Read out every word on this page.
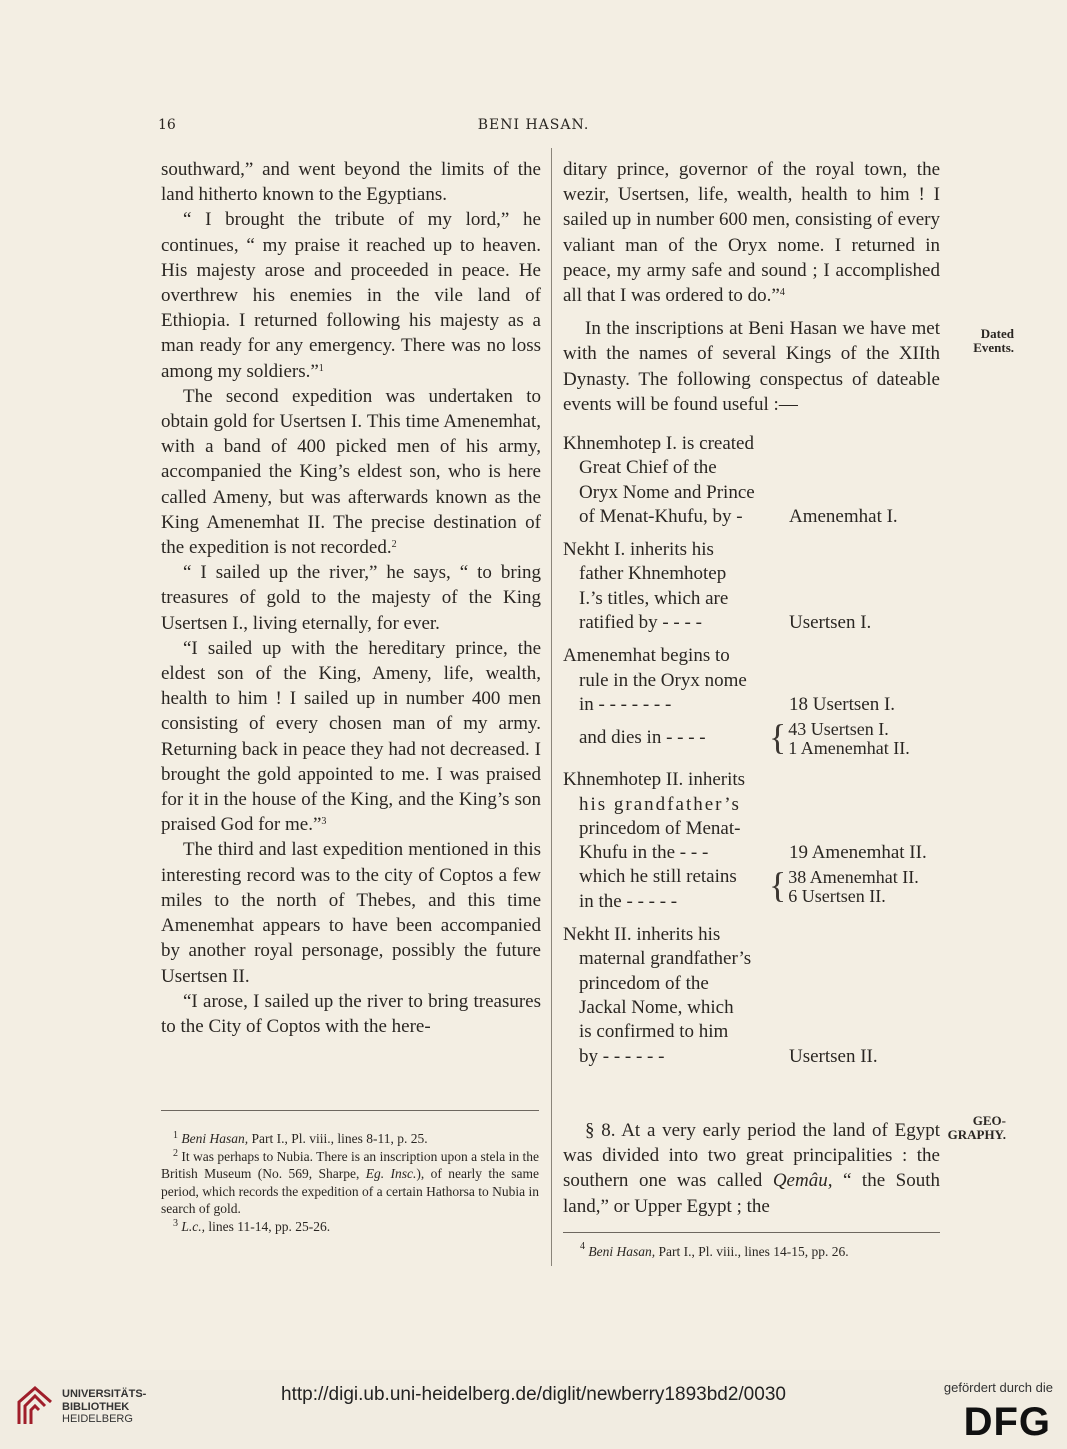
16	BENI HASAN.

southward,” and went beyond the limits of the land hitherto known to the Egyptians.

“ I brought the tribute of my lord,” he continues, “ my praise it reached up to heaven. His majesty arose and proceeded in peace. He overthrew his enemies in the vile land of Ethiopia. I returned following his majesty as a man ready for any emergency. There was no loss among my soldiers.”$^1$

The second expedition was undertaken to obtain gold for Usertsen I. This time Amenemhat, with a band of 400 picked men of his army, accompanied the King’s eldest son, who is here called Ameny, but was afterwards known as the King Amenemhat II. The precise destination of the expedition is not recorded.$^2$

“ I sailed up the river,” he says, “ to bring treasures of gold to the majesty of the King Usertsen I., living eternally, for ever.

“I sailed up with the hereditary prince, the eldest son of the King, Ameny, life, wealth, health to him ! I sailed up in number 400 men consisting of every chosen man of my army. Returning back in peace they had not decreased. I brought the gold appointed to me. I was praised for it in the house of the King, and the King’s son praised God for me.”$^3$

The third and last expedition mentioned in this interesting record was to the city of Coptos a few miles to the north of Thebes, and this time Amenemhat appears to have been accompanied by another royal personage, possibly the future Usertsen II.

“I arose, I sailed up the river to bring treasures to the City of Coptos with the here-

ditary prince, governor of the royal town, the wezir, Usertsen, life, wealth, health to him ! I sailed up in number 600 men, consisting of every valiant man of the Oryx nome. I returned in peace, my army safe and sound ; I accomplished all that I was ordered to do.”$^4$

In the inscriptions at Beni Hasan we have met with the names of several Kings of the XIIth Dynasty. The following conspectus of dateable events will be found useful :—

Dated Events.
Khnemhotep I. is created
Great Chief of the
Oryx Nome and Prince
of Menat-Khufu, by -	Amenemhat I.
Nekht I. inherits his
father Khnemhotep
I.’s titles, which are
ratified by - - - -	Usertsen I.
Amenemhat begins to
rule in the Oryx nome
in - - - - - - -	18 Usertsen I.
and dies in - - - -	{ 43 Usertsen I.
1 Amenemhat II.
Khnemhotep II. inherits
his grandfather’s
princedom of Menat-
Khufu in the - - -	19 Amenemhat II.
which he still retains
in the - - - - -	{ 38 Amenemhat II.
6 Usertsen II.
Nekht II. inherits his
maternal grandfather’s
princedom of the
Jackal Nome, which
is confirmed to him
by - - - - - -	Usertsen II.

$^1$ Beni Hasan, Part I., Pl. viii., lines 8-11, p. 25.

$^2$ It was perhaps to Nubia. There is an inscription upon a stela in the British Museum (No. 569, Sharpe, Eg. Insc.), of nearly the same period, which records the expedition of a certain Hathorsa to Nubia in search of gold.

$^3$ L.c., lines 11-14, pp. 25-26.

§ 8. At a very early period the land of Egypt was divided into two great principalities : the southern one was called Qemâu, “ the South land,” or Upper Egypt ; the

GEO- GRAPHY.
$^4$ Beni Hasan, Part I., Pl. viii., lines 14-15, pp. 26.
UNIVERSITÄTS-
BIBLIOTHEK
HEIDELBERG
http://digi.ub.uni-heidelberg.de/diglit/newberry1893bd2/0030	gefördert durch die
DFG
